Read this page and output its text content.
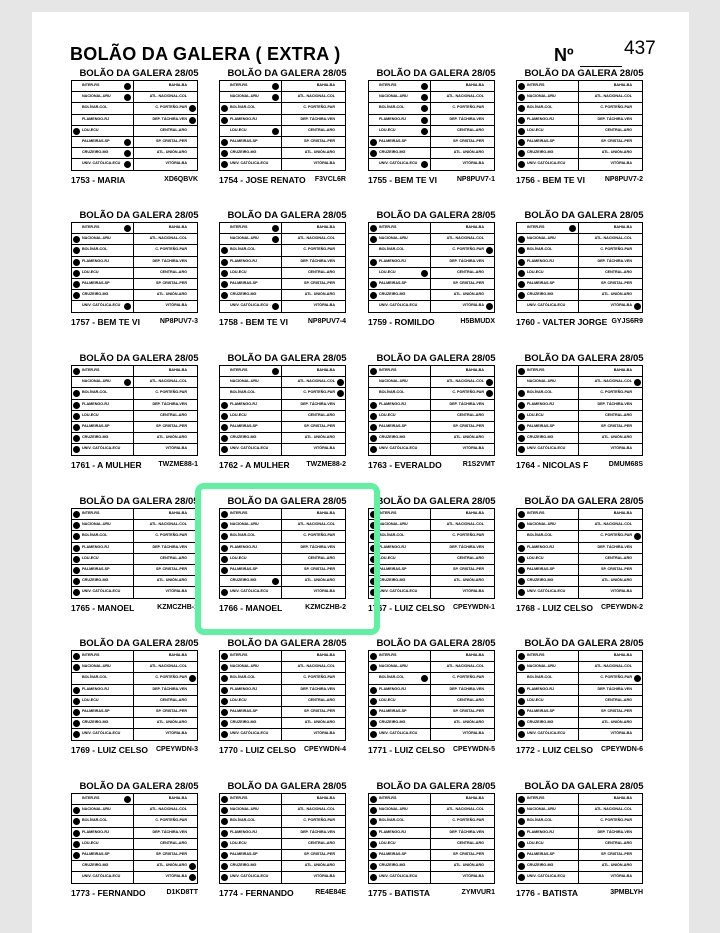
BOLÃO DA GALERA ( EXTRA )	Nº	437
BOLÃO DA GALERA 28/05
INTER-RS	BAHIA-BA
NACIONAL-URU	ATL. NACIONAL-COL
BOLÍVAR-COL	C. PORTEÑO-PAR
FLAMENGO-RJ	DEP. TÁCHIRA-VEN
LDU-ECU	CENTRAL-ARG
PALMEIRAS-SP	SP. CRISTAL-PER
CRUZEIRO-MG	ATL. UNIÓN-ARG
UNIV. CATÓLICA-ECU	VITÓRIA-BA
1753 - MARIA	XD6QBVK
BOLÃO DA GALERA 28/05
INTER-RS	BAHIA-BA
NACIONAL-URU	ATL. NACIONAL-COL
BOLÍVAR-COL	C. PORTEÑO-PAR
FLAMENGO-RJ	DEP. TÁCHIRA-VEN
LDU-ECU	CENTRAL-ARG
PALMEIRAS-SP	SP. CRISTAL-PER
CRUZEIRO-MG	ATL. UNIÓN-ARG
UNIV. CATÓLICA-ECU	VITÓRIA-BA
1754 - JOSE RENATO F3VCL6R
BOLÃO DA GALERA 28/05
INTER-RS	BAHIA-BA
NACIONAL-URU	ATL. NACIONAL-COL
BOLÍVAR-COL	C. PORTEÑO-PAR
FLAMENGO-RJ	DEP. TÁCHIRA-VEN
LDU-ECU	CENTRAL-ARG
PALMEIRAS-SP	SP. CRISTAL-PER
CRUZEIRO-MG	ATL. UNIÓN-ARG
UNIV. CATÓLICA-ECU	VITÓRIA-BA
1755 - BEM TE VI	NP8PUV7-1
BOLÃO DA GALERA 28/05
INTER-RS	BAHIA-BA
NACIONAL-URU	ATL. NACIONAL-COL
BOLÍVAR-COL	C. PORTEÑO-PAR
FLAMENGO-RJ	DEP. TÁCHIRA-VEN
LDU-ECU	CENTRAL-ARG
PALMEIRAS-SP	SP. CRISTAL-PER
CRUZEIRO-MG	ATL. UNIÓN-ARG
UNIV. CATÓLICA-ECU	VITÓRIA-BA
1756 - BEM TE VI	NP8PUV7-2
BOLÃO DA GALERA 28/05
INTER-RS	BAHIA-BA
NACIONAL-URU	ATL. NACIONAL-COL
BOLÍVAR-COL	C. PORTEÑO-PAR
FLAMENGO-RJ	DEP. TÁCHIRA-VEN
LDU-ECU	CENTRAL-ARG
PALMEIRAS-SP	SP. CRISTAL-PER
CRUZEIRO-MG	ATL. UNIÓN-ARG
UNIV. CATÓLICA-ECU	VITÓRIA-BA
1757 - BEM TE VI	NP8PUV7-3
BOLÃO DA GALERA 28/05
INTER-RS	BAHIA-BA
NACIONAL-URU	ATL. NACIONAL-COL
BOLÍVAR-COL	C. PORTEÑO-PAR
FLAMENGO-RJ	DEP. TÁCHIRA-VEN
LDU-ECU	CENTRAL-ARG
PALMEIRAS-SP	SP. CRISTAL-PER
CRUZEIRO-MG	ATL. UNIÓN-ARG
UNIV. CATÓLICA-ECU	VITÓRIA-BA
1758 - BEM TE VI	NP8PUV7-4
BOLÃO DA GALERA 28/05
INTER-RS	BAHIA-BA
NACIONAL-URU	ATL. NACIONAL-COL
BOLÍVAR-COL	C. PORTEÑO-PAR
FLAMENGO-RJ	DEP. TÁCHIRA-VEN
LDU-ECU	CENTRAL-ARG
PALMEIRAS-SP	SP. CRISTAL-PER
CRUZEIRO-MG	ATL. UNIÓN-ARG
UNIV. CATÓLICA-ECU	VITÓRIA-BA
1759 - ROMILDO	H5BMUDX
BOLÃO DA GALERA 28/05
INTER-RS	BAHIA-BA
NACIONAL-URU	ATL. NACIONAL-COL
BOLÍVAR-COL	C. PORTEÑO-PAR
FLAMENGO-RJ	DEP. TÁCHIRA-VEN
LDU-ECU	CENTRAL-ARG
PALMEIRAS-SP	SP. CRISTAL-PER
CRUZEIRO-MG	ATL. UNIÓN-ARG
UNIV. CATÓLICA-ECU	VITÓRIA-BA
1760 - VALTER JORGE GYJS6R9
BOLÃO DA GALERA 28/05
INTER-RS	BAHIA-BA
NACIONAL-URU	ATL. NACIONAL-COL
BOLÍVAR-COL	C. PORTEÑO-PAR
FLAMENGO-RJ	DEP. TÁCHIRA-VEN
LDU-ECU	CENTRAL-ARG
PALMEIRAS-SP	SP. CRISTAL-PER
CRUZEIRO-MG	ATL. UNIÓN-ARG
UNIV. CATÓLICA-ECU	VITÓRIA-BA
1761 - A MULHER	TWZME88-1
BOLÃO DA GALERA 28/05
INTER-RS	BAHIA-BA
NACIONAL-URU	ATL. NACIONAL-COL
BOLÍVAR-COL	C. PORTEÑO-PAR
FLAMENGO-RJ	DEP. TÁCHIRA-VEN
LDU-ECU	CENTRAL-ARG
PALMEIRAS-SP	SP. CRISTAL-PER
CRUZEIRO-MG	ATL. UNIÓN-ARG
UNIV. CATÓLICA-ECU	VITÓRIA-BA
1762 - A MULHER	TWZME88-2
BOLÃO DA GALERA 28/05
INTER-RS	BAHIA-BA
NACIONAL-URU	ATL. NACIONAL-COL
BOLÍVAR-COL	C. PORTEÑO-PAR
FLAMENGO-RJ	DEP. TÁCHIRA-VEN
LDU-ECU	CENTRAL-ARG
PALMEIRAS-SP	SP. CRISTAL-PER
CRUZEIRO-MG	ATL. UNIÓN-ARG
UNIV. CATÓLICA-ECU	VITÓRIA-BA
1763 - EVERALDO	R1S2VMT
BOLÃO DA GALERA 28/05
INTER-RS	BAHIA-BA
NACIONAL-URU	ATL. NACIONAL-COL
BOLÍVAR-COL	C. PORTEÑO-PAR
FLAMENGO-RJ	DEP. TÁCHIRA-VEN
LDU-ECU	CENTRAL-ARG
PALMEIRAS-SP	SP. CRISTAL-PER
CRUZEIRO-MG	ATL. UNIÓN-ARG
UNIV. CATÓLICA-ECU	VITÓRIA-BA
1764 - NICOLAS F	DMUM68S
BOLÃO DA GALERA 28/05
INTER-RS	BAHIA-BA
NACIONAL-URU	ATL. NACIONAL-COL
BOLÍVAR-COL	C. PORTEÑO-PAR
FLAMENGO-RJ	DEP. TÁCHIRA-VEN
LDU-ECU	CENTRAL-ARG
PALMEIRAS-SP	SP. CRISTAL-PER
CRUZEIRO-MG	ATL. UNIÓN-ARG
UNIV. CATÓLICA-ECU	VITÓRIA-BA
1765 - MANOEL	KZMCZHB-1
BOLÃO DA GALERA 28/05
INTER-RS	BAHIA-BA
NACIONAL-URU	ATL. NACIONAL-COL
BOLÍVAR-COL	C. PORTEÑO-PAR
FLAMENGO-RJ	DEP. TÁCHIRA-VEN
LDU-ECU	CENTRAL-ARG
PALMEIRAS-SP	SP. CRISTAL-PER
CRUZEIRO-MG	ATL. UNIÓN-ARG
UNIV. CATÓLICA-ECU	VITÓRIA-BA
1766 - MANOEL	KZMCZHB-2
BOLÃO DA GALERA 28/05
INTER-RS	BAHIA-BA
NACIONAL-URU	ATL. NACIONAL-COL
BOLÍVAR-COL	C. PORTEÑO-PAR
FLAMENGO-RJ	DEP. TÁCHIRA-VEN
LDU-ECU	CENTRAL-ARG
PALMEIRAS-SP	SP. CRISTAL-PER
CRUZEIRO-MG	ATL. UNIÓN-ARG
UNIV. CATÓLICA-ECU	VITÓRIA-BA
1767 - LUIZ CELSO	CPEYWDN-1
BOLÃO DA GALERA 28/05
INTER-RS	BAHIA-BA
NACIONAL-URU	ATL. NACIONAL-COL
BOLÍVAR-COL	C. PORTEÑO-PAR
FLAMENGO-RJ	DEP. TÁCHIRA-VEN
LDU-ECU	CENTRAL-ARG
PALMEIRAS-SP	SP. CRISTAL-PER
CRUZEIRO-MG	ATL. UNIÓN-ARG
UNIV. CATÓLICA-ECU	VITÓRIA-BA
1768 - LUIZ CELSO	CPEYWDN-2
BOLÃO DA GALERA 28/05
INTER-RS	BAHIA-BA
NACIONAL-URU	ATL. NACIONAL-COL
BOLÍVAR-COL	C. PORTEÑO-PAR
FLAMENGO-RJ	DEP. TÁCHIRA-VEN
LDU-ECU	CENTRAL-ARG
PALMEIRAS-SP	SP. CRISTAL-PER
CRUZEIRO-MG	ATL. UNIÓN-ARG
UNIV. CATÓLICA-ECU	VITÓRIA-BA
1769 - LUIZ CELSO	CPEYWDN-3
BOLÃO DA GALERA 28/05
INTER-RS	BAHIA-BA
NACIONAL-URU	ATL. NACIONAL-COL
BOLÍVAR-COL	C. PORTEÑO-PAR
FLAMENGO-RJ	DEP. TÁCHIRA-VEN
LDU-ECU	CENTRAL-ARG
PALMEIRAS-SP	SP. CRISTAL-PER
CRUZEIRO-MG	ATL. UNIÓN-ARG
UNIV. CATÓLICA-ECU	VITÓRIA-BA
1770 - LUIZ CELSO	CPEYWDN-4
BOLÃO DA GALERA 28/05
INTER-RS	BAHIA-BA
NACIONAL-URU	ATL. NACIONAL-COL
BOLÍVAR-COL	C. PORTEÑO-PAR
FLAMENGO-RJ	DEP. TÁCHIRA-VEN
LDU-ECU	CENTRAL-ARG
PALMEIRAS-SP	SP. CRISTAL-PER
CRUZEIRO-MG	ATL. UNIÓN-ARG
UNIV. CATÓLICA-ECU	VITÓRIA-BA
1771 - LUIZ CELSO	CPEYWDN-5
BOLÃO DA GALERA 28/05
INTER-RS	BAHIA-BA
NACIONAL-URU	ATL. NACIONAL-COL
BOLÍVAR-COL	C. PORTEÑO-PAR
FLAMENGO-RJ	DEP. TÁCHIRA-VEN
LDU-ECU	CENTRAL-ARG
PALMEIRAS-SP	SP. CRISTAL-PER
CRUZEIRO-MG	ATL. UNIÓN-ARG
UNIV. CATÓLICA-ECU	VITÓRIA-BA
1772 - LUIZ CELSO	CPEYWDN-6
BOLÃO DA GALERA 28/05
INTER-RS	BAHIA-BA
NACIONAL-URU	ATL. NACIONAL-COL
BOLÍVAR-COL	C. PORTEÑO-PAR
FLAMENGO-RJ	DEP. TÁCHIRA-VEN
LDU-ECU	CENTRAL-ARG
PALMEIRAS-SP	SP. CRISTAL-PER
CRUZEIRO-MG	ATL. UNIÓN-ARG
UNIV. CATÓLICA-ECU	VITÓRIA-BA
1773 - FERNANDO	D1KD8TT
BOLÃO DA GALERA 28/05
INTER-RS	BAHIA-BA
NACIONAL-URU	ATL. NACIONAL-COL
BOLÍVAR-COL	C. PORTEÑO-PAR
FLAMENGO-RJ	DEP. TÁCHIRA-VEN
LDU-ECU	CENTRAL-ARG
PALMEIRAS-SP	SP. CRISTAL-PER
CRUZEIRO-MG	ATL. UNIÓN-ARG
UNIV. CATÓLICA-ECU	VITÓRIA-BA
1774 - FERNANDO	RE4E84E
BOLÃO DA GALERA 28/05
INTER-RS	BAHIA-BA
NACIONAL-URU	ATL. NACIONAL-COL
BOLÍVAR-COL	C. PORTEÑO-PAR
FLAMENGO-RJ	DEP. TÁCHIRA-VEN
LDU-ECU	CENTRAL-ARG
PALMEIRAS-SP	SP. CRISTAL-PER
CRUZEIRO-MG	ATL. UNIÓN-ARG
UNIV. CATÓLICA-ECU	VITÓRIA-BA
1775 - BATISTA	ZYMVUR1
BOLÃO DA GALERA 28/05
INTER-RS	BAHIA-BA
NACIONAL-URU	ATL. NACIONAL-COL
BOLÍVAR-COL	C. PORTEÑO-PAR
FLAMENGO-RJ	DEP. TÁCHIRA-VEN
LDU-ECU	CENTRAL-ARG
PALMEIRAS-SP	SP. CRISTAL-PER
CRUZEIRO-MG	ATL. UNIÓN-ARG
UNIV. CATÓLICA-ECU	VITÓRIA-BA
1776 - BATISTA	3PMBLYH
